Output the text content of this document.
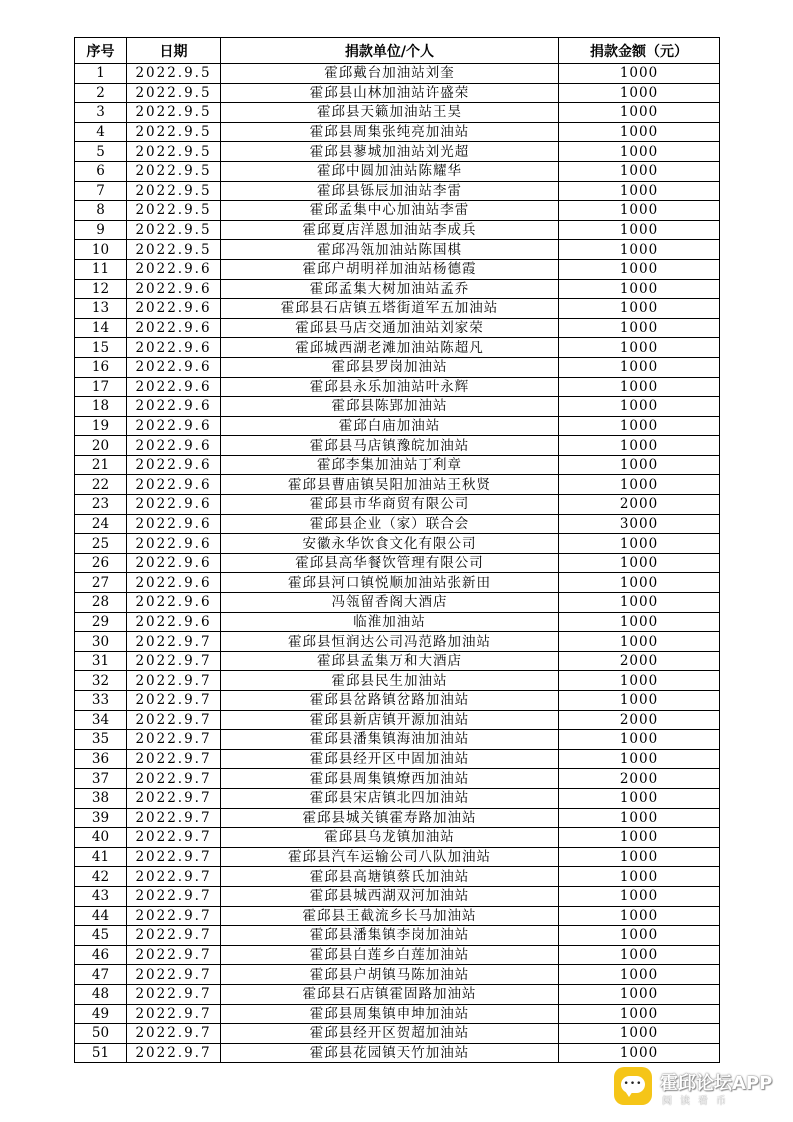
序号	日期	捐款单位/个人	捐款金额（元）
1	2022.9.5	霍邱戴台加油站刘奎	1000
2	2022.9.5	霍邱县山林加油站许盛荣	1000
3	2022.9.5	霍邱县天籁加油站王昊	1000
4	2022.9.5	霍邱县周集张纯亮加油站	1000
5	2022.9.5	霍邱县蓼城加油站刘光超	1000
6	2022.9.5	霍邱中圆加油站陈耀华	1000
7	2022.9.5	霍邱县铄辰加油站李雷	1000
8	2022.9.5	霍邱孟集中心加油站李雷	1000
9	2022.9.5	霍邱夏店洋恩加油站李成兵	1000
10	2022.9.5	霍邱冯瓴加油站陈国棋	1000
11	2022.9.6	霍邱户胡明祥加油站杨德霞	1000
12	2022.9.6	霍邱孟集大树加油站孟乔	1000
13	2022.9.6	霍邱县石店镇五塔街道军五加油站	1000
14	2022.9.6	霍邱县马店交通加油站刘家荣	1000
15	2022.9.6	霍邱城西湖老滩加油站陈超凡	1000
16	2022.9.6	霍邱县罗岗加油站	1000
17	2022.9.6	霍邱县永乐加油站叶永辉	1000
18	2022.9.6	霍邱县陈郢加油站	1000
19	2022.9.6	霍邱白庙加油站	1000
20	2022.9.6	霍邱县马店镇豫皖加油站	1000
21	2022.9.6	霍邱李集加油站丁利章	1000
22	2022.9.6	霍邱县曹庙镇吴阳加油站王秋贤	1000
23	2022.9.6	霍邱县市华商贸有限公司	2000
24	2022.9.6	霍邱县企业（家）联合会	3000
25	2022.9.6	安徽永华饮食文化有限公司	1000
26	2022.9.6	霍邱县高华餐饮管理有限公司	1000
27	2022.9.6	霍邱县河口镇悦顺加油站张新田	1000
28	2022.9.6	冯瓴留香阁大酒店	1000
29	2022.9.6	临淮加油站	1000
30	2022.9.7	霍邱县恒润达公司冯范路加油站	1000
31	2022.9.7	霍邱县孟集万和大酒店	2000
32	2022.9.7	霍邱县民生加油站	1000
33	2022.9.7	霍邱县岔路镇岔路加油站	1000
34	2022.9.7	霍邱县新店镇开源加油站	2000
35	2022.9.7	霍邱县潘集镇海油加油站	1000
36	2022.9.7	霍邱县经开区中固加油站	1000
37	2022.9.7	霍邱县周集镇燎西加油站	2000
38	2022.9.7	霍邱县宋店镇北四加油站	1000
39	2022.9.7	霍邱县城关镇霍寿路加油站	1000
40	2022.9.7	霍邱县乌龙镇加油站	1000
41	2022.9.7	霍邱县汽车运输公司八队加油站	1000
42	2022.9.7	霍邱县高塘镇蔡氏加油站	1000
43	2022.9.7	霍邱县城西湖双河加油站	1000
44	2022.9.7	霍邱县王截流乡长马加油站	1000
45	2022.9.7	霍邱县潘集镇李岗加油站	1000
46	2022.9.7	霍邱县白莲乡白莲加油站	1000
47	2022.9.7	霍邱县户胡镇马陈加油站	1000
48	2022.9.7	霍邱县石店镇霍固路加油站	1000
49	2022.9.7	霍邱县周集镇申坤加油站	1000
50	2022.9.7	霍邱县经开区贺超加油站	1000
51	2022.9.7	霍邱县花园镇天竹加油站	1000
••• 霍邱论坛APP
阅读看币
